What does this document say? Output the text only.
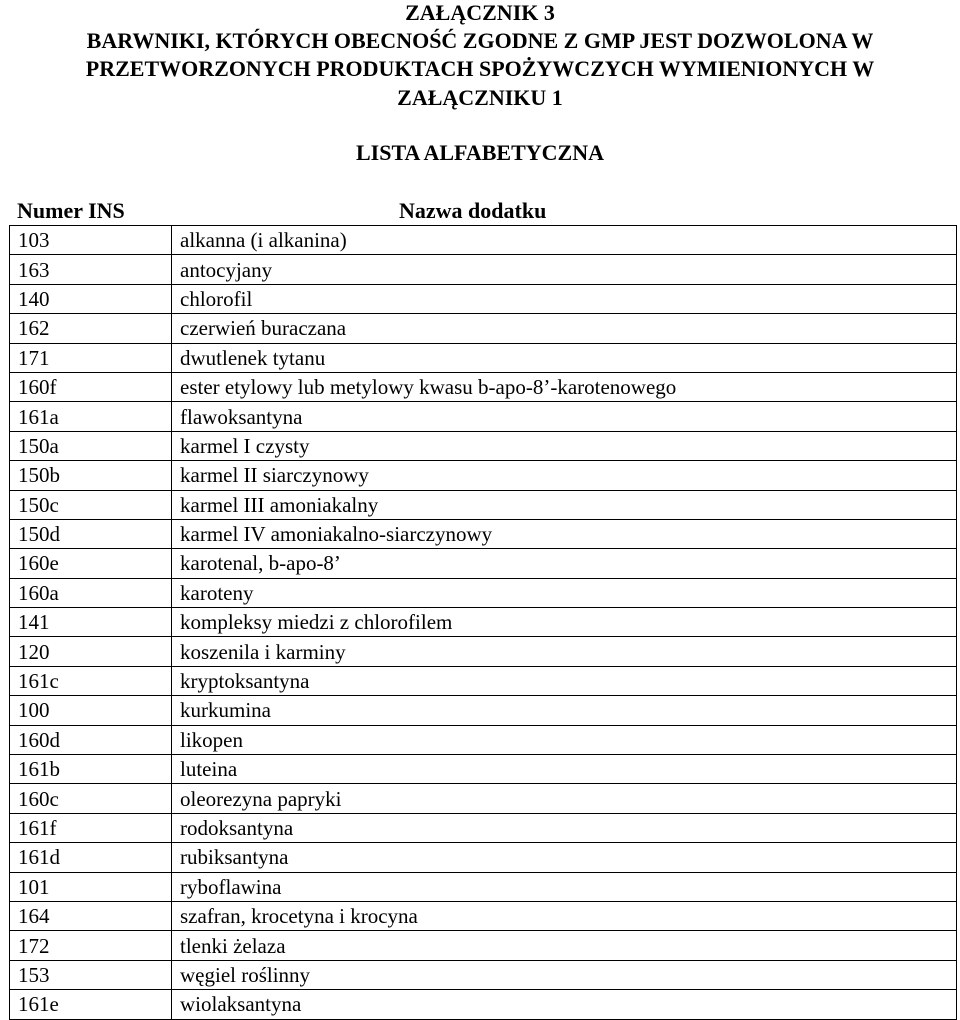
ZAŁĄCZNIK 3
BARWNIKI, KTÓRYCH OBECNOŚĆ ZGODNE Z GMP JEST DOZWOLONA W
PRZETWORZONYCH PRODUKTACH SPOŻYWCZYCH WYMIENIONYCH W
ZAŁĄCZNIKU 1
LISTA ALFABETYCZNA
Numer INS	Nazwa dodatku
103	alkanna (i alkanina)
163	antocyjany
140	chlorofil
162	czerwień buraczana
171	dwutlenek tytanu
160f	ester etylowy lub metylowy kwasu b-apo-8’-karotenowego
161a	flawoksantyna
150a	karmel I czysty
150b	karmel II siarczynowy
150c	karmel III amoniakalny
150d	karmel IV amoniakalno-siarczynowy
160e	karotenal, b-apo-8’
160a	karoteny
141	kompleksy miedzi z chlorofilem
120	koszenila i karminy
161c	kryptoksantyna
100	kurkumina
160d	likopen
161b	luteina
160c	oleorezyna papryki
161f	rodoksantyna
161d	rubiksantyna
101	ryboflawina
164	szafran, krocetyna i krocyna
172	tlenki żelaza
153	węgiel roślinny
161e	wiolaksantyna
